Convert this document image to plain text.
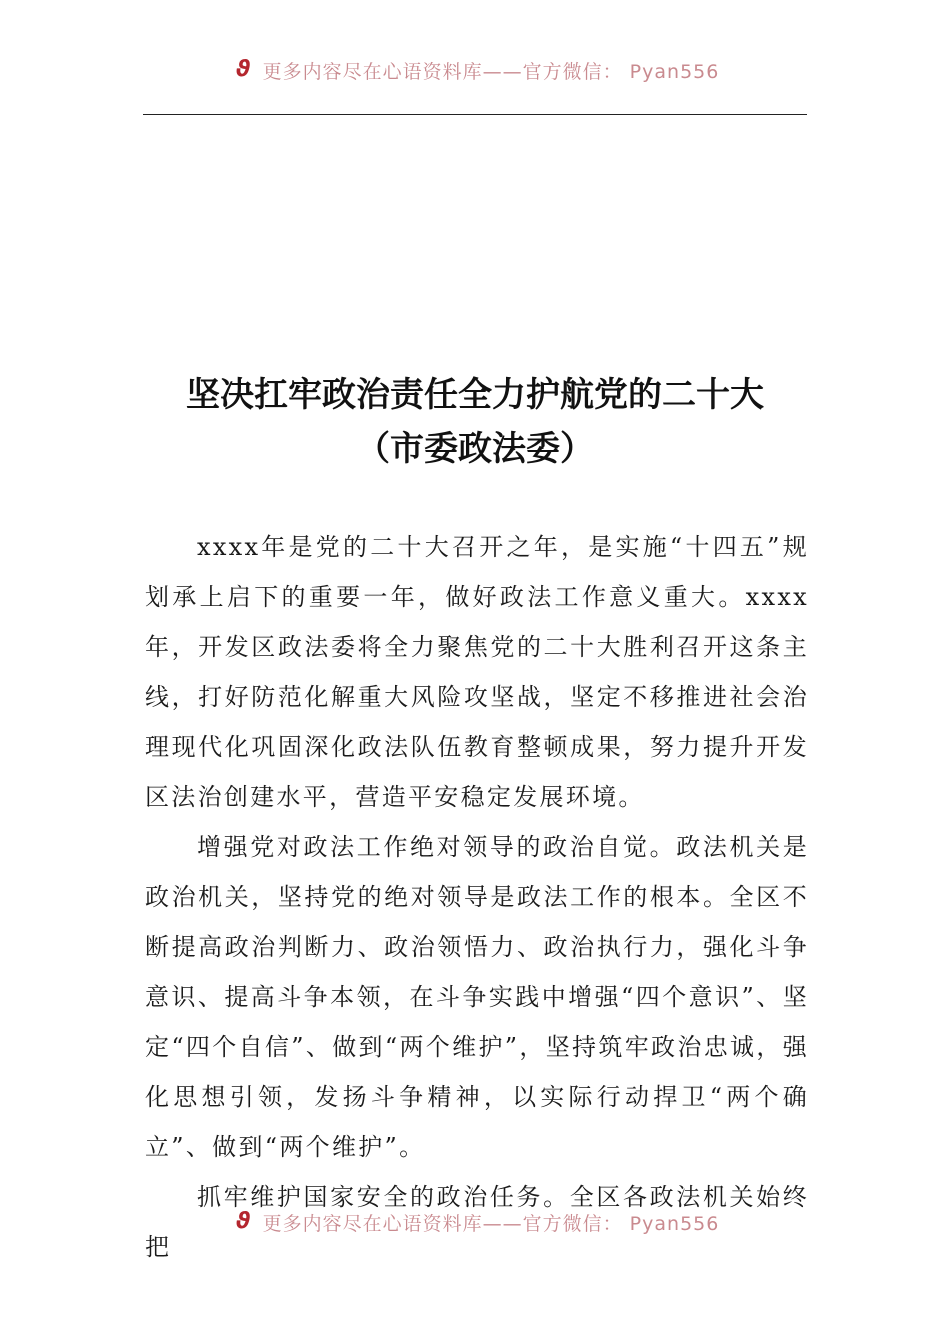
ϑ 更多内容尽在心语资料库——官方微信： Pyan556
坚决扛牢政治责任全力护航党的二十大
（市委政法委）

xxxx年是党的二十大召开之年，是实施“十四五”规划承上启下的重要一年，做好政法工作意义重大。xxxx年，开发区政法委将全力聚焦党的二十大胜利召开这条主线，打好防范化解重大风险攻坚战，坚定不移推进社会治理现代化巩固深化政法队伍教育整顿成果，努力提升开发区法治创建水平，营造平安稳定发展环境。

增强党对政法工作绝对领导的政治自觉。政法机关是政治机关，坚持党的绝对领导是政法工作的根本。全区不断提高政治判断力、政治领悟力、政治执行力，强化斗争意识、提高斗争本领，在斗争实践中增强“四个意识”、坚定“四个自信”、做到“两个维护”，坚持筑牢政治忠诚，强化思想引领，发扬斗争精神，以实际行动捍卫“两个确立”、做到“两个维护”。

抓牢维护国家安全的政治任务。全区各政法机关始终把

ϑ 更多内容尽在心语资料库——官方微信： Pyan556
